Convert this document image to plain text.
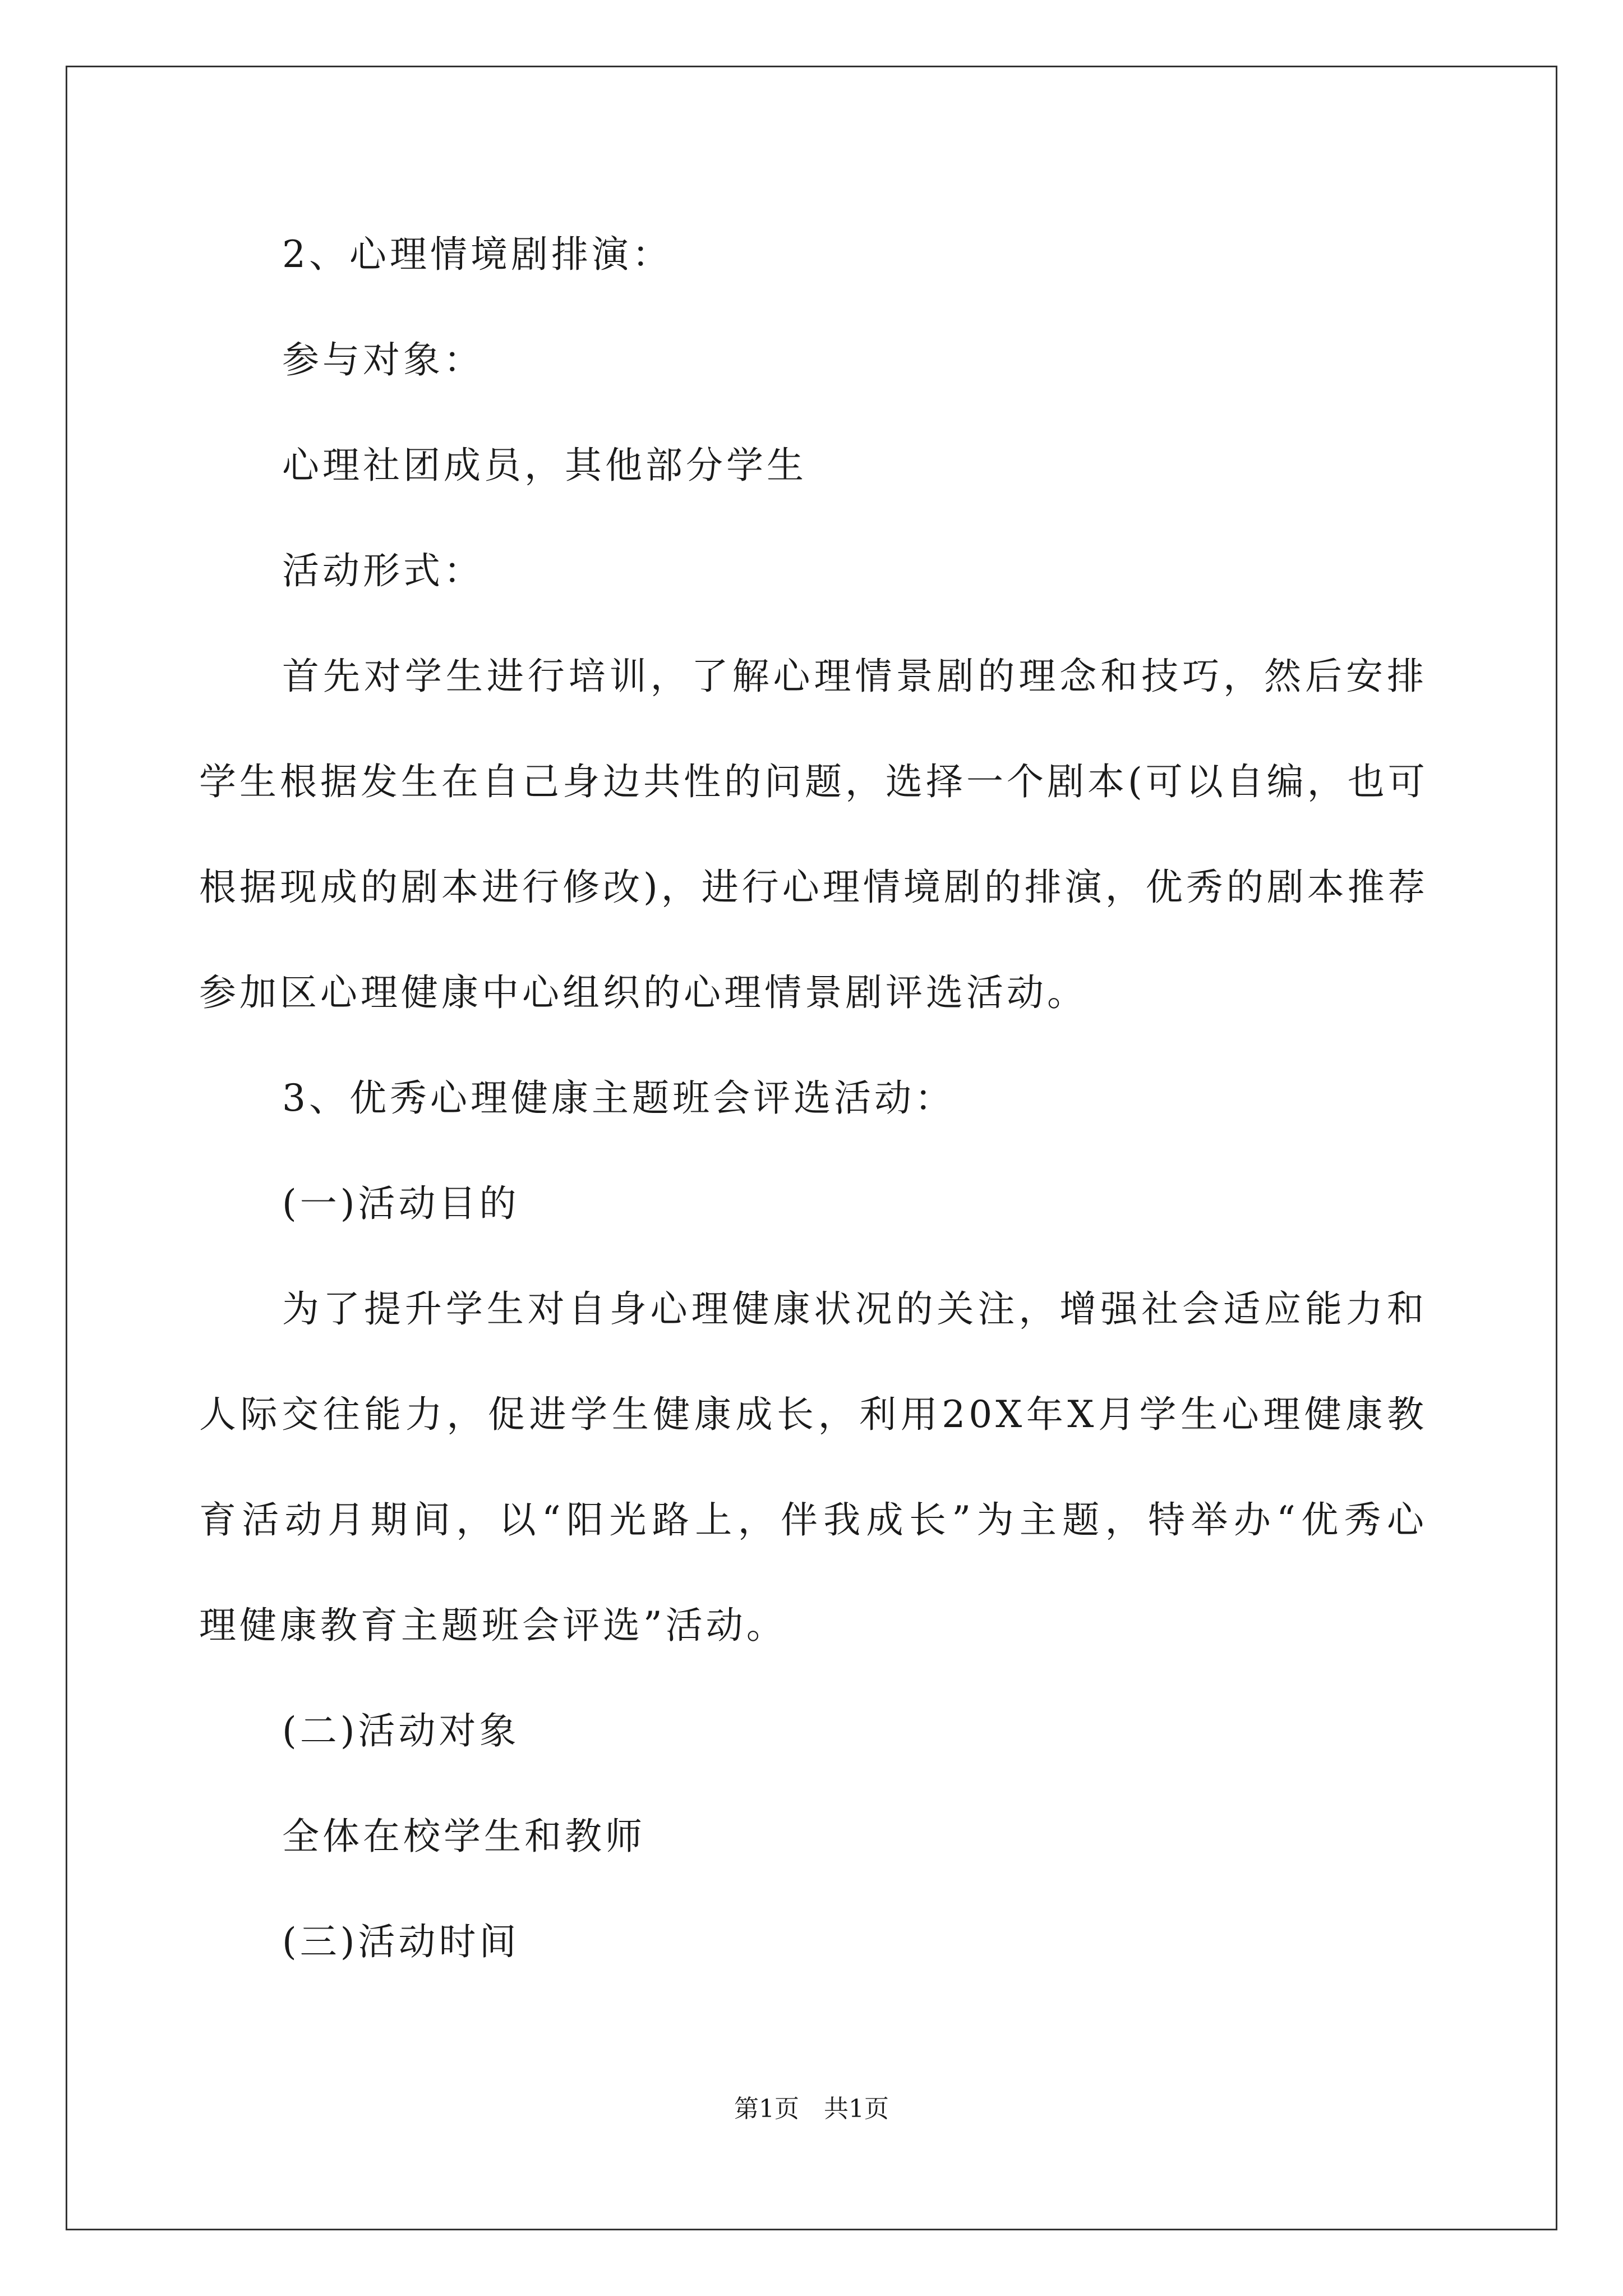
2、心理情境剧排演：
参与对象：
心理社团成员，其他部分学生
活动形式：
首先对学生进行培训，了解心理情景剧的理念和技巧，然后安排
学生根据发生在自己身边共性的问题，选择一个剧本(可以自编，也可
根据现成的剧本进行修改)，进行心理情境剧的排演，优秀的剧本推荐
参加区心理健康中心组织的心理情景剧评选活动。
3、优秀心理健康主题班会评选活动：
(一)活动目的
为了提升学生对自身心理健康状况的关注，增强社会适应能力和
人际交往能力，促进学生健康成长，利用20X年X月学生心理健康教
育活动月期间，以“阳光路上，伴我成长”为主题，特举办“优秀心
理健康教育主题班会评选”活动。
(二)活动对象
全体在校学生和教师
(三)活动时间
第1页　共1页
